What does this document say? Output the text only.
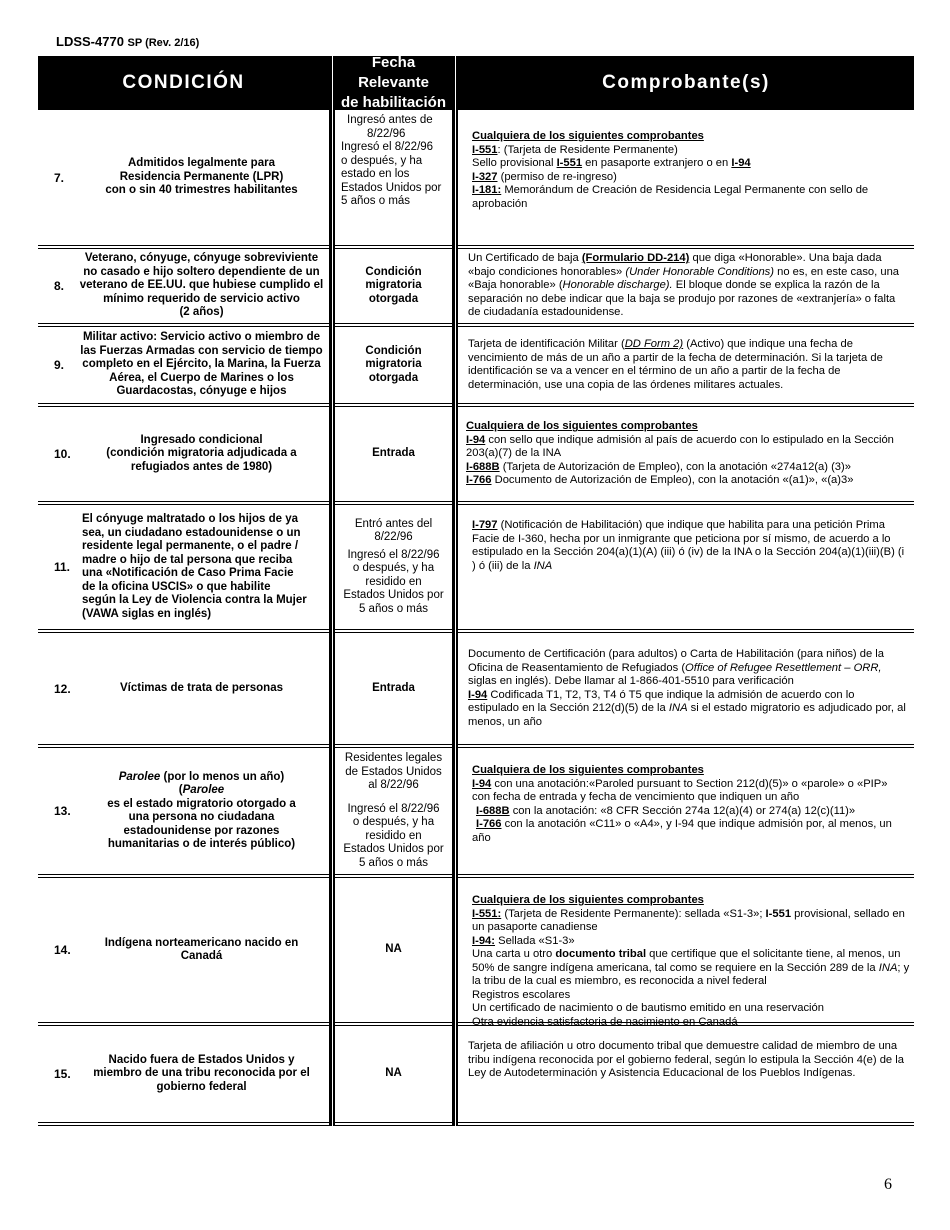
LDSS-4770 SP (Rev. 2/16)
CONDICIÓN
Fecha Relevante
de habilitación
Comprobante(s)
7.
Admitidos legalmente para
Residencia Permanente (LPR)
con o sin 40 trimestres habilitantes
Ingresó antes de
8/22/96
Ingresó el 8/22/96
o después, y ha
estado en los
Estados Unidos por
5 años o más
Cualquiera de los siguientes comprobantes
I-551: (Tarjeta de Residente Permanente)
Sello provisional I-551 en pasaporte extranjero o en I-94
I-327 (permiso de re-ingreso)
I-181: Memorándum de Creación de Residencia Legal Permanente con sello de
aprobación
8.
Veterano, cónyuge, cónyuge sobreviviente
no casado e hijo soltero dependiente de un
veterano de EE.UU. que hubiese cumplido el
mínimo requerido de servicio activo
(2 años)
Condición
migratoria
otorgada
Un Certificado de baja (Formulario DD-214) que diga «Honorable». Una baja dada «bajo condiciones honorables» (Under Honorable Conditions) no es, en este caso, una «Baja honorable» (Honorable discharge). El bloque donde se explica la razón de la separación no debe indicar que la baja se produjo por razones de «extranjería» o falta de ciudadanía estadounidense.
9.
Militar activo: Servicio activo o miembro de
las Fuerzas Armadas con servicio de tiempo
completo en el Ejército, la Marina, la Fuerza
Aérea, el Cuerpo de Marines o los
Guardacostas, cónyuge e hijos
Condición
migratoria
otorgada
Tarjeta de identificación Militar (DD Form 2) (Activo) que indique una fecha de vencimiento de más de un año a partir de la fecha de determinación. Si la tarjeta de identificación se va a vencer en el término de un año a partir de la fecha de determinación, use una copia de las órdenes militares actuales.
10.
Ingresado condicional
(condición migratoria adjudicada a
refugiados antes de 1980)
Entrada
Cualquiera de los siguientes comprobantes
I-94 con sello que indique admisión al país de acuerdo con lo estipulado en la Sección 203(a)(7) de la INA
I-688B (Tarjeta de Autorización de Empleo), con la anotación «274a12(a) (3)»
I-766 Documento de Autorización de Empleo), con la anotación «(a1)», «(a)3»
11.
El cónyuge maltratado o los hijos de ya
sea, un ciudadano estadounidense o un
residente legal permanente, o el padre /
madre o hijo de tal persona que reciba
una «Notificación de Caso Prima Facie
de la oficina USCIS» o que habilite
según la Ley de Violencia contra la Mujer
(VAWA siglas en inglés)
Entró antes del
8/22/96
Ingresó el 8/22/96
o después, y ha
residido en
Estados Unidos por
5 años o más
I-797 (Notificación de Habilitación) que indique que habilita para una petición Prima Facie de I-360, hecha por un inmigrante que peticiona por sí mismo, de acuerdo a lo estipulado en la Sección 204(a)(1)(A) (iii) ó (iv) de la INA o la Sección 204(a)(1)(iii)(B) (i ) ó (iii) de la INA
12.	Víctimas de trata de personas	Entrada
Documento de Certificación (para adultos) o Carta de Habilitación (para niños) de la Oficina de Reasentamiento de Refugiados (Office of Refugee Resettlement – ORR, siglas en inglés). Debe llamar al 1-866-401-5510 para verificación
I-94 Codificada T1, T2, T3, T4 ó T5 que indique la admisión de acuerdo con lo estipulado en la Sección 212(d)(5) de la INA si el estado migratorio es adjudicado por, al menos, un año
13.
Parolee (por lo menos un año) (Parolee
es el estado migratorio otorgado a una persona no ciudadana estadounidense por razones humanitarias o de interés público)
Residentes legales
de Estados Unidos
al 8/22/96
Ingresó el 8/22/96
o después, y ha
residido en
Estados Unidos por
5 años o más
Cualquiera de los siguientes comprobantes
I-94 con una anotación:«Paroled pursuant to Section 212(d)(5)» o «parole» o «PIP» con fecha de entrada y fecha de vencimiento que indiquen un año
I-688B con la anotación: «8 CFR Sección 274a 12(a)(4) or 274(a) 12(c)(11)»
I-766 con la anotación «C11» o «A4», y I-94 que indique admisión por, al menos, un año
14.
Indígena norteamericano nacido en
Canadá
NA
Cualquiera de los siguientes comprobantes
I-551: (Tarjeta de Residente Permanente): sellada «S1-3»; I-551 provisional, sellado en un pasaporte canadiense
I-94: Sellada «S1-3»
Una carta u otro documento tribal que certifique que el solicitante tiene, al menos, un 50% de sangre indígena americana, tal como se requiere en la Sección 289 de la INA; y la tribu de la cual es miembro, es reconocida a nivel federal
Registros escolares
Un certificado de nacimiento o de bautismo emitido en una reservación
Otra evidencia satisfactoria de nacimiento en Canadá
15.
Nacido fuera de Estados Unidos y
miembro de una tribu reconocida por el
gobierno federal
NA
Tarjeta de afiliación u otro documento tribal que demuestre calidad de miembro de una tribu indígena reconocida por el gobierno federal, según lo estipula la Sección 4(e) de la Ley de Autodeterminación y Asistencia Educacional de los Pueblos Indígenas.
6
